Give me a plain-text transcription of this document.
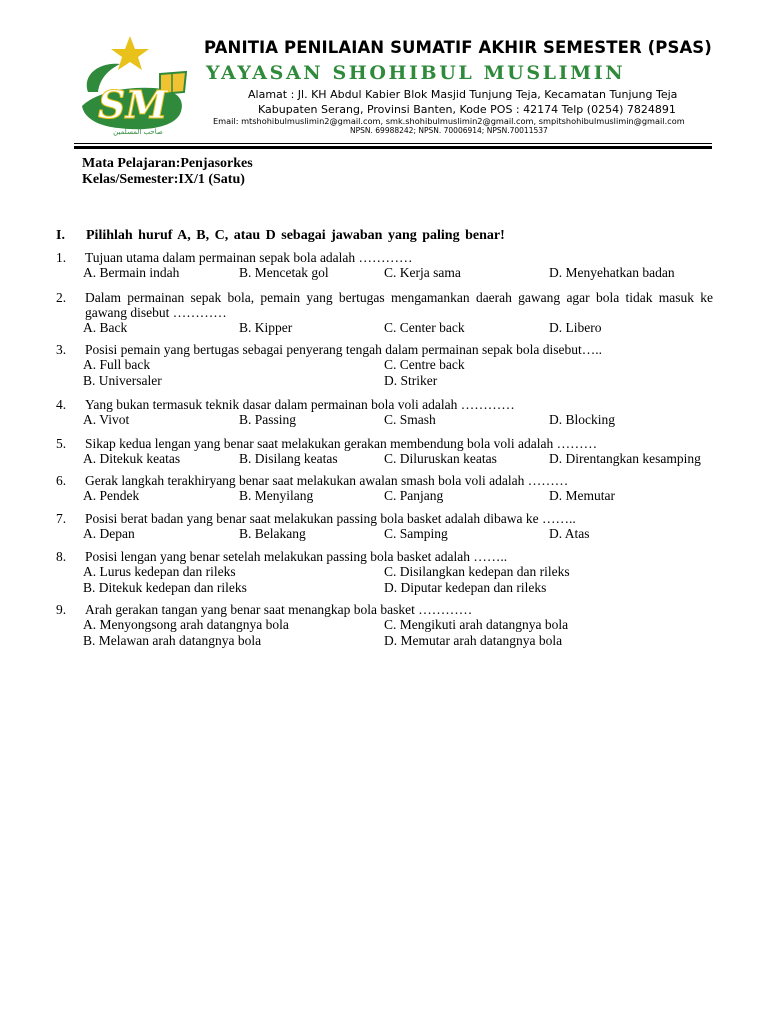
SM
صاحب المسلمين
PANITIA PENILAIAN SUMATIF AKHIR SEMESTER (PSAS)
YAYASAN SHOHIBUL MUSLIMIN
Alamat : Jl. KH Abdul Kabier Blok Masjid Tunjung Teja, Kecamatan Tunjung Teja
Kabupaten Serang, Provinsi Banten, Kode POS : 42174 Telp (0254) 7824891
Email: mtshohibulmuslimin2@gmail.com, smk.shohibulmuslimin2@gmail.com, smpitshohibulmuslimin@gmail.com
NPSN. 69988242; NPSN. 70006914; NPSN.70011537
Mata Pelajaran:Penjasorkes
Kelas/Semester:IX/1 (Satu)
I. Pilihlah huruf A, B, C, atau D sebagai jawaban yang paling benar!
1. Tujuan utama dalam permainan sepak bola adalah …………
A. Bermain indah	B. Mencetak gol	C. Kerja sama	D. Menyehatkan badan
2. Dalam permainan sepak bola, pemain yang bertugas mengamankan daerah gawang agar bola tidak masuk ke gawang disebut …………
A. Back	B. Kipper	C. Center back	D. Libero
3. Posisi pemain yang bertugas sebagai penyerang tengah dalam permainan sepak bola disebut…..
A. Full back	C. Centre back
B. Universaler	D. Striker
4. Yang bukan termasuk teknik dasar dalam permainan bola voli adalah …………
A. Vivot	B. Passing	C. Smash	D. Blocking
5. Sikap kedua lengan yang benar saat melakukan gerakan membendung bola voli adalah ………
A. Ditekuk keatas	B. Disilang keatas	C. Diluruskan keatas	D. Direntangkan kesamping
6. Gerak langkah terakhiryang benar saat melakukan awalan smash bola voli adalah ………
A. Pendek	B. Menyilang	C. Panjang	D. Memutar
7. Posisi berat badan yang benar saat melakukan passing bola basket adalah dibawa ke ……..
A. Depan	B. Belakang	C. Samping	D. Atas
8. Posisi lengan yang benar setelah melakukan passing bola basket adalah ……..
A. Lurus kedepan dan rileks	C. Disilangkan kedepan dan rileks
B. Ditekuk kedepan dan rileks	D. Diputar kedepan dan rileks
9. Arah gerakan tangan yang benar saat menangkap bola basket …………
A. Menyongsong arah datangnya bola	C. Mengikuti arah datangnya bola
B. Melawan arah datangnya bola	D. Memutar arah datangnya bola
